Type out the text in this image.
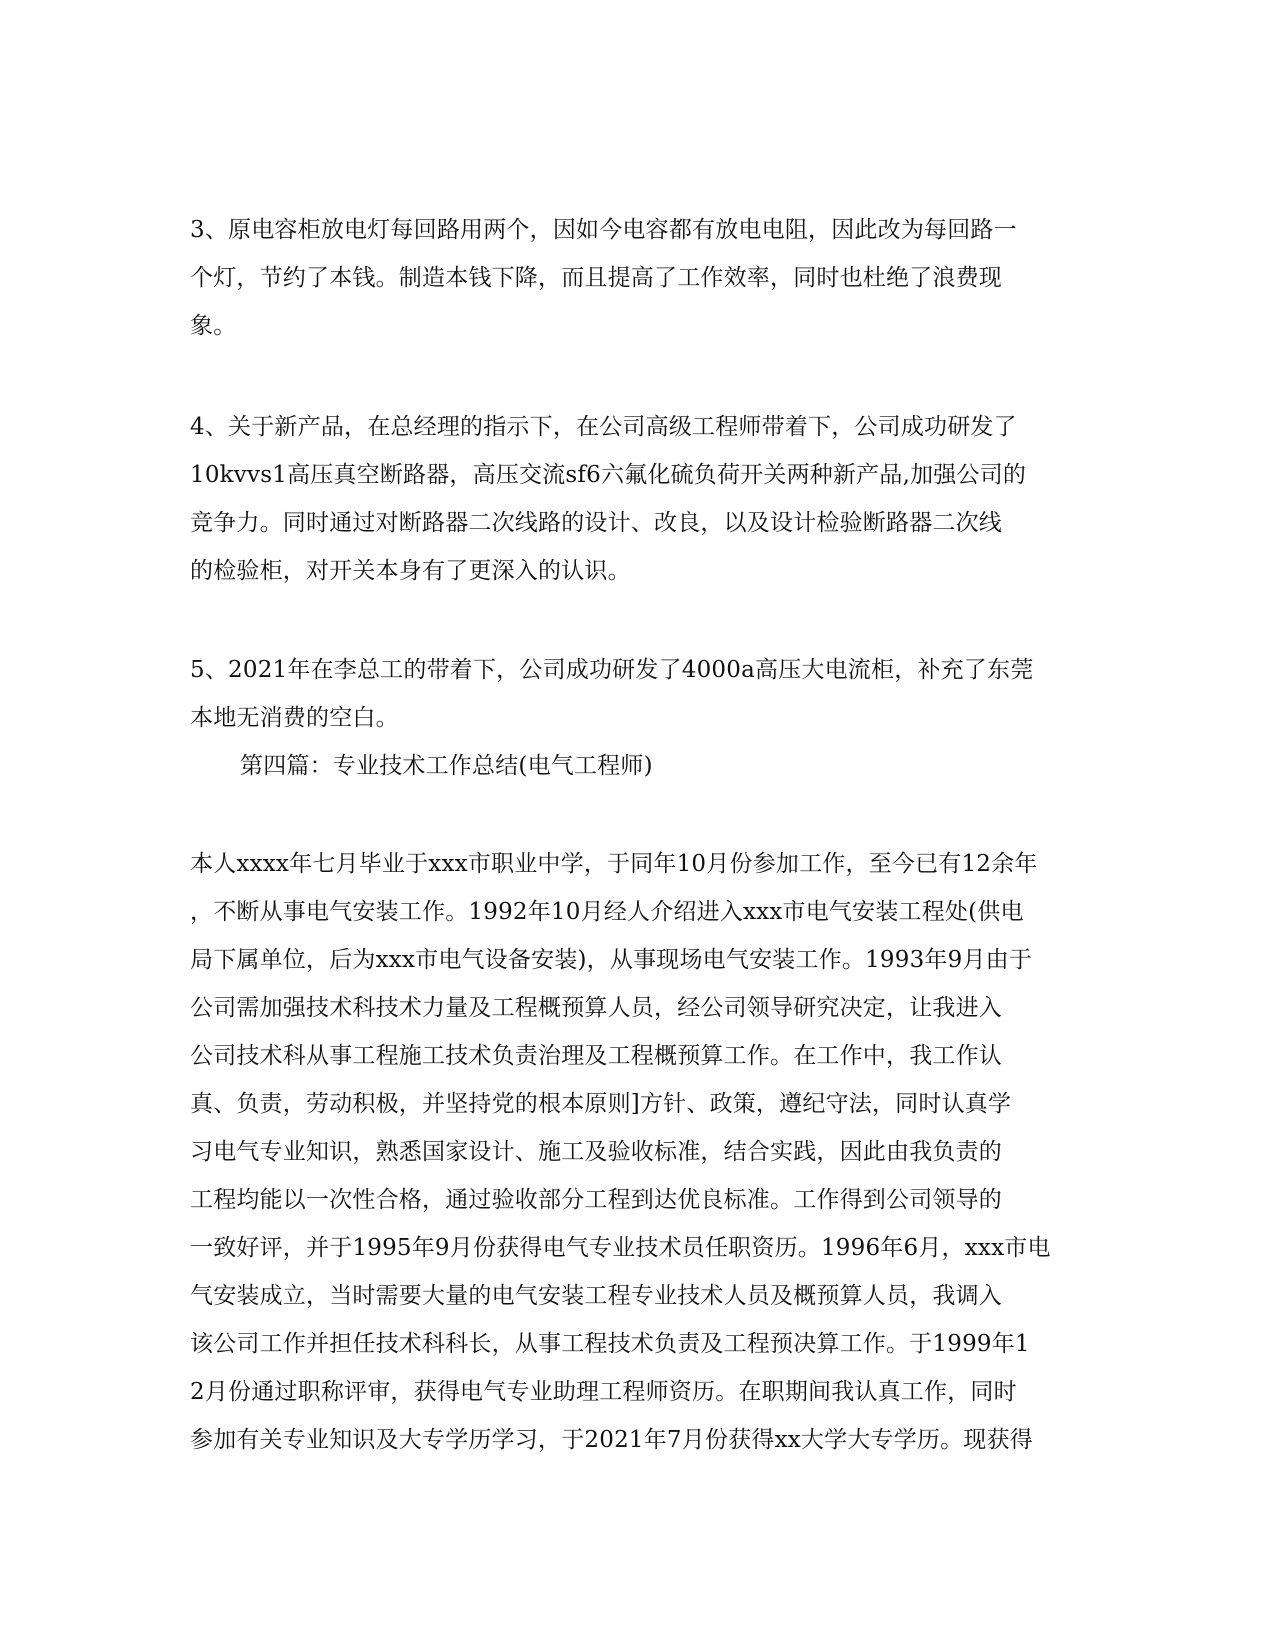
3、原电容柜放电灯每回路用两个，因如今电容都有放电电阻，因此改为每回路一
个灯，节约了本钱。制造本钱下降，而且提高了工作效率，同时也杜绝了浪费现
象。
4、关于新产品，在总经理的指示下，在公司高级工程师带着下，公司成功研发了
10kvvs1高压真空断路器，高压交流sf6六氟化硫负荷开关两种新产品,加强公司的
竞争力。同时通过对断路器二次线路的设计、改良，以及设计检验断路器二次线
的检验柜，对开关本身有了更深入的认识。
5、2021年在李总工的带着下，公司成功研发了4000a高压大电流柜，补充了东莞
本地无消费的空白。
第四篇：专业技术工作总结(电气工程师)
本人xxxx年七月毕业于xxx市职业中学，于同年10月份参加工作，至今已有12余年
，不断从事电气安装工作。1992年10月经人介绍进入xxx市电气安装工程处(供电
局下属单位，后为xxx市电气设备安装)，从事现场电气安装工作。1993年9月由于
公司需加强技术科技术力量及工程概预算人员，经公司领导研究决定，让我进入
公司技术科从事工程施工技术负责治理及工程概预算工作。在工作中，我工作认
真、负责，劳动积极，并坚持党的根本原则]方针、政策，遵纪守法，同时认真学
习电气专业知识，熟悉国家设计、施工及验收标准，结合实践，因此由我负责的
工程均能以一次性合格，通过验收部分工程到达优良标准。工作得到公司领导的
一致好评，并于1995年9月份获得电气专业技术员任职资历。1996年6月，xxx市电
气安装成立，当时需要大量的电气安装工程专业技术人员及概预算人员，我调入
该公司工作并担任技术科科长，从事工程技术负责及工程预决算工作。于1999年1
2月份通过职称评审，获得电气专业助理工程师资历。在职期间我认真工作，同时
参加有关专业知识及大专学历学习，于2021年7月份获得xx大学大专学历。现获得
